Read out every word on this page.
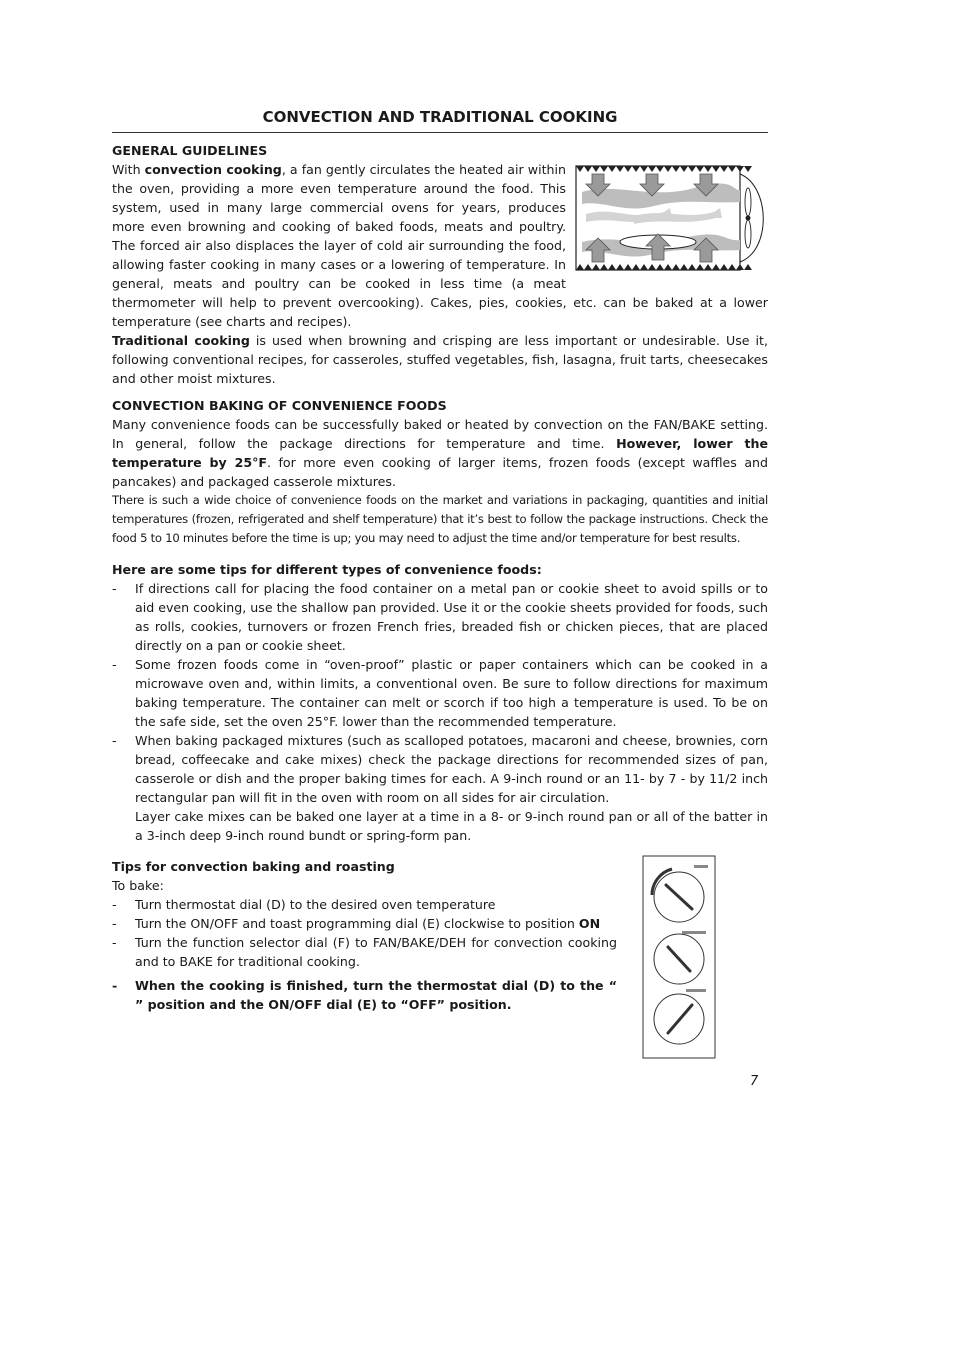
CONVECTION AND TRADITIONAL COOKING
GENERAL GUIDELINES

With convection cooking, a fan gently circulates the heated air within the oven, providing a more even temperature around the food. This system, used in many large commercial ovens for years, produces more even browning and cooking of baked foods, meats and poultry. The forced air also displaces the layer of cold air surrounding the food, allowing faster cooking in many cases or a lowering of temperature. In general, meats and poultry can be cooked in less time (a meat thermometer will help to prevent overcooking). Cakes, pies, cookies, etc. can be baked at a lower temperature (see charts and recipes).

Traditional cooking is used when browning and crisping are less important or undesirable. Use it, following conventional recipes, for casseroles, stuffed vegetables, fish, lasagna, fruit tarts, cheesecakes and other moist mixtures.

CONVECTION BAKING OF CONVENIENCE FOODS

Many convenience foods can be successfully baked or heated by convection on the FAN/BAKE setting. In general, follow the package directions for temperature and time. However, lower the temperature by 25°F. for more even cooking of larger items, frozen foods (except waffles and pancakes) and packaged casserole mixtures.

There is such a wide choice of convenience foods on the market and variations in packaging, quantities and initial temperatures (frozen, refrigerated and shelf temperature) that it’s best to follow the package instructions. Check the food 5 to 10 minutes before the time is up; you may need to adjust the time and/or temperature for best results.

Here are some tips for different types of convenience foods:
- If directions call for placing the food container on a metal pan or cookie sheet to avoid spills or to aid even cooking, use the shallow pan provided. Use it or the cookie sheets provided for foods, such as rolls, cookies, turnovers or frozen French fries, breaded fish or chicken pieces, that are placed directly on a pan or cookie sheet.
- Some frozen foods come in “oven-proof” plastic or paper containers which can be cooked in a microwave oven and, within limits, a conventional oven. Be sure to follow directions for maximum baking temperature. The container can melt or scorch if too high a temperature is used. To be on the safe side, set the oven 25°F. lower than the recommended temperature.
- When baking packaged mixtures (such as scalloped potatoes, macaroni and cheese, brownies, corn bread, coffeecake and cake mixes) check the package directions for recommended sizes of pan, casserole or dish and the proper baking times for each. A 9-inch round or an 11- by 7 - by 11/2 inch rectangular pan will fit in the oven with room on all sides for air circulation.
Layer cake mixes can be baked one layer at a time in a 8- or 9-inch round pan or all of the batter in a 3-inch deep 9-inch round bundt or spring-form pan.
Tips for convection baking and roasting

To bake:

- Turn thermostat dial (D) to the desired oven temperature
- Turn the ON/OFF and toast programming dial (E) clockwise to position ON
- Turn the function selector dial (F) to FAN/BAKE/DEH for convection cooking and to BAKE for traditional cooking.
- When the cooking is finished, turn the thermostat dial (D) to the “ ” position and the ON/OFF dial (E) to “OFF” position.
7
